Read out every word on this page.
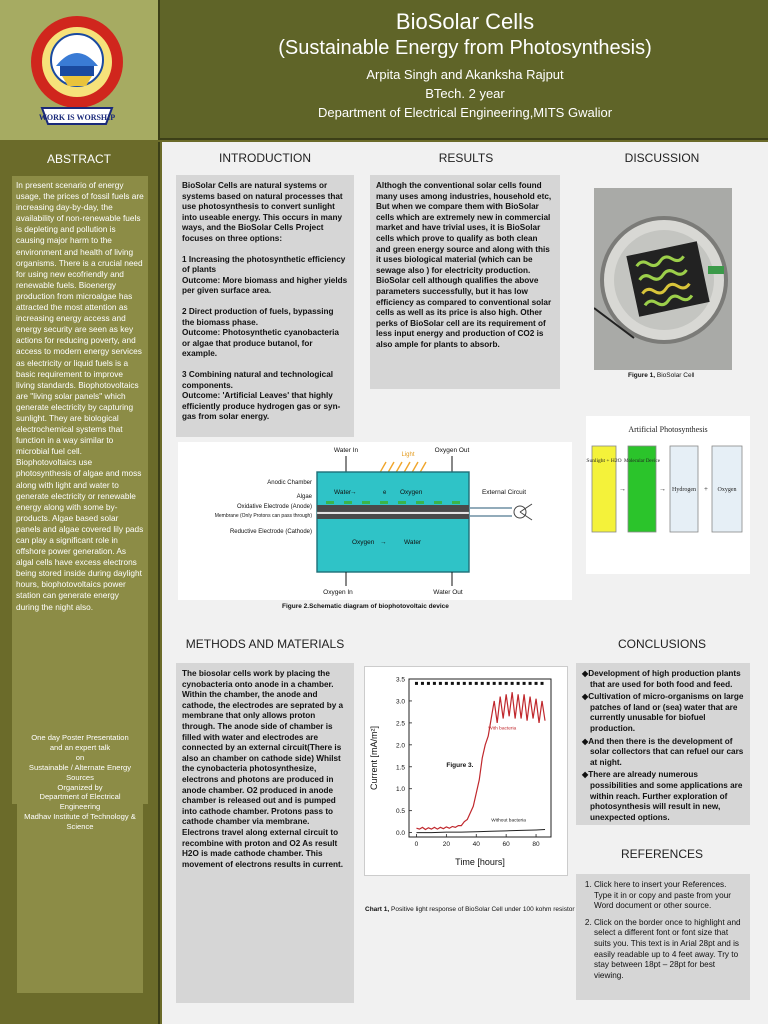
WORK IS WORSHIP
BioSolar Cells
(Sustainable Energy from Photosynthesis)
Arpita Singh and Akanksha Rajput
BTech. 2 year
Department of Electrical Engineering,MITS Gwalior
ABSTRACT
In present scenario of energy usage, the prices of fossil fuels are increasing day-by-day, the availability of non-renewable fuels is depleting and pollution is causing major harm to the environment and health of living organisms. There is a crucial need for using new ecofriendly and renewable fuels. Bioenergy production from microalgae has attracted the most attention as increasing energy access and energy security are seen as key actions for reducing poverty, and access to modern energy services as electricity or liquid fuels is a basic requirement to improve living standards. Biophotovoltaics are "living solar panels" which generate electricity by capturing sunlight. They are biological electrochemical systems that function in a way similar to microbial fuel cell. Biophotovoltaics use photosynthesis of algae and moss along with light and water to generate electricity or renewable energy along with some by-products. Algae based solar panels and algae covered lily pads can play a significant role in offshore power generation. As algal cells have excess electrons being stored inside during daylight hours, biophotovoltaics power station can generate energy during the night also.
One day Poster Presentation
and an expert talk
on
Sustainable / Alternate Energy Sources
Organized by
Department of Electrical Engineering
Madhav Institute of Technology & Science
INTRODUCTION	RESULTS	DISCUSSION

BioSolar Cells are natural systems or systems based on natural processes that use photosynthesis to convert sunlight into useable energy. This occurs in many ways, and the BioSolar Cells Project focuses on three options:

1 Increasing the photosynthetic efficiency of plants

Outcome: More biomass and higher yields per given surface area.

2 Direct production of fuels, bypassing the biomass phase.

Outcome: Photosynthetic cyanobacteria or algae that produce butanol, for example.

3 Combining natural and technological components.

Outcome: 'Artificial Leaves' that highly efficiently produce hydrogen gas or syn-gas from solar energy.

Althogh the conventional solar cells found many uses among industries, household etc, But when we compare them with BioSolar cells which are extremely new in commercial market and have trivial uses, it is BioSolar cells which prove to qualify as both clean and green energy source and along with this it uses biological material (which can be sewage also ) for electricity production. BioSolar cell although qualifies the above parameters successfully, but it has low efficiency as compared to conventional solar cells as well as its price is also high. Other perks of BioSolar cell are its requirement of less input energy and production of CO2 is also ample for plants to absorb.
Figure 1, BioSolar Cell
Artificial Photosynthesis
Sunlight + H2O
→
Molecular Device
→ Hydrogen + Oxygen
Water In
Light
Oxygen Out
Water
→	Oxygen
Oxygen →	Water
e
Anodic Chamber
Algae
Oxidative Electrode (Anode)
Membrane (Only Protons can pass through)
Reductive Electrode (Cathode)
External Circuit
Oxygen In	Water Out
Figure 2.Schematic diagram of biophotovoltaic device
METHODS AND MATERIALS	CONCLUSIONS
The biosolar cells work by placing the cynobacteria onto anode in a chamber. Within the chamber, the anode and cathode, the electrodes are seprated by a membrane that only allows proton through. The anode side of chamber is filled with water and electrodes are connected by an external circuit(There is also an chamber on cathode side) Whilst the cynobacteria photosynthesize, electrons and photons are produced in anode chamber. O2 produced in anode chamber is released out and is pumped into cathode chamber. Protons pass to cathode chamber via membrane. Electrons travel along external circuit to recombine with proton and O2 As result H2O is made cathode chamber. This movement of electrons results in current.
0.0
0.5
1.0
1.5
2.0
2.5
3.0
3.5
0	20	40	60	80
Time [hours]
Current [mA/m²]	With bacteria
Without bacteria
Figure 3.
Chart 1, Positive light response of BioSolar Cell under 100 kohm resistor
◆Development of high production plants that are used for both food and feed.
◆Cultivation of micro-organisms on large patches of land or (sea) water that are currently unusable for biofuel production.
◆And then there is the development of solar collectors that can refuel our cars at night.
◆There are already numerous possibilities and some applications are within reach. Further exploration of photosynthesis will result in new, unexpected options.
REFERENCES
1. Click here to insert your References. Type it in or copy and paste from your Word document or other source.
2. Click on the border once to highlight and select a different font or font size that suits you. This text is in Arial 28pt and is easily readable up to 4 feet away. Try to stay between 18pt – 28pt for best viewing.
